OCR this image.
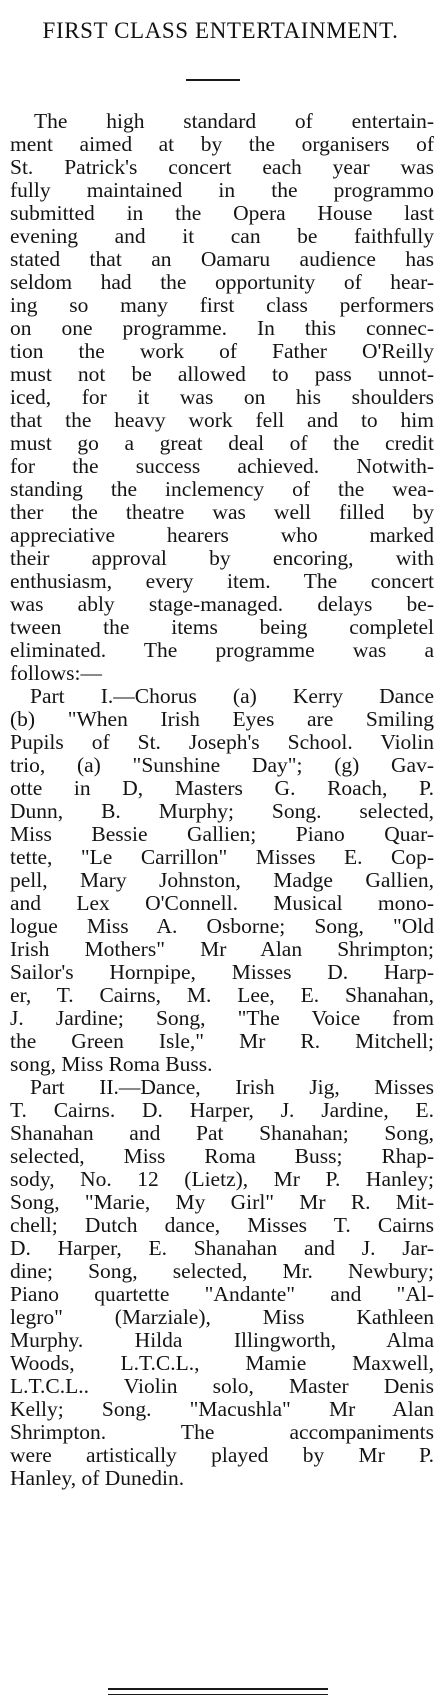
FIRST CLASS ENTERTAINMENT.
The high standard of entertain-
ment aimed at by the organisers of
St. Patrick's concert each year was
fully maintained in the programmo
submitted in the Opera House last
evening and it can be faithfully
stated that an Oamaru audience has
seldom had the opportunity of hear-
ing so many first class performers
on one programme. In this connec-
tion the work of Father O'Reilly
must not be allowed to pass unnot-
iced, for it was on his shoulders
that the heavy work fell and to him
must go a great deal of the credit
for the success achieved. Notwith-
standing the inclemency of the wea-
ther the theatre was well filled by
appreciative hearers who marked
their approval by encoring, with
enthusiasm, every item. The concert
was ably stage-managed. delays be-
tween the items being completel
eliminated. The programme was a
follows:—
Part I.—Chorus (a) Kerry Dance
(b) "When Irish Eyes are Smiling
Pupils of St. Joseph's School. Violin
trio, (a) "Sunshine Day"; (g) Gav-
otte in D, Masters G. Roach, P.
Dunn, B. Murphy; Song. selected,
Miss Bessie Gallien; Piano Quar-
tette, "Le Carrillon" Misses E. Cop-
pell, Mary Johnston, Madge Gallien,
and Lex O'Connell. Musical mono-
logue Miss A. Osborne; Song, "Old
Irish Mothers" Mr Alan Shrimpton;
Sailor's Hornpipe, Misses D. Harp-
er, T. Cairns, M. Lee, E. Shanahan,
J. Jardine; Song, "The Voice from
the Green Isle," Mr R. Mitchell;
song, Miss Roma Buss.
Part II.—Dance, Irish Jig, Misses
T. Cairns. D. Harper, J. Jardine, E.
Shanahan and Pat Shanahan; Song,
selected, Miss Roma Buss; Rhap-
sody, No. 12 (Lietz), Mr P. Hanley;
Song, "Marie, My Girl" Mr R. Mit-
chell; Dutch dance, Misses T. Cairns
D. Harper, E. Shanahan and J. Jar-
dine; Song, selected, Mr. Newbury;
Piano quartette "Andante" and "Al-
legro" (Marziale), Miss Kathleen
Murphy. Hilda Illingworth, Alma
Woods, L.T.C.L., Mamie Maxwell,
L.T.C.L.. Violin solo, Master Denis
Kelly; Song. "Macushla" Mr Alan
Shrimpton. The accompaniments
were artistically played by Mr P.
Hanley, of Dunedin.
